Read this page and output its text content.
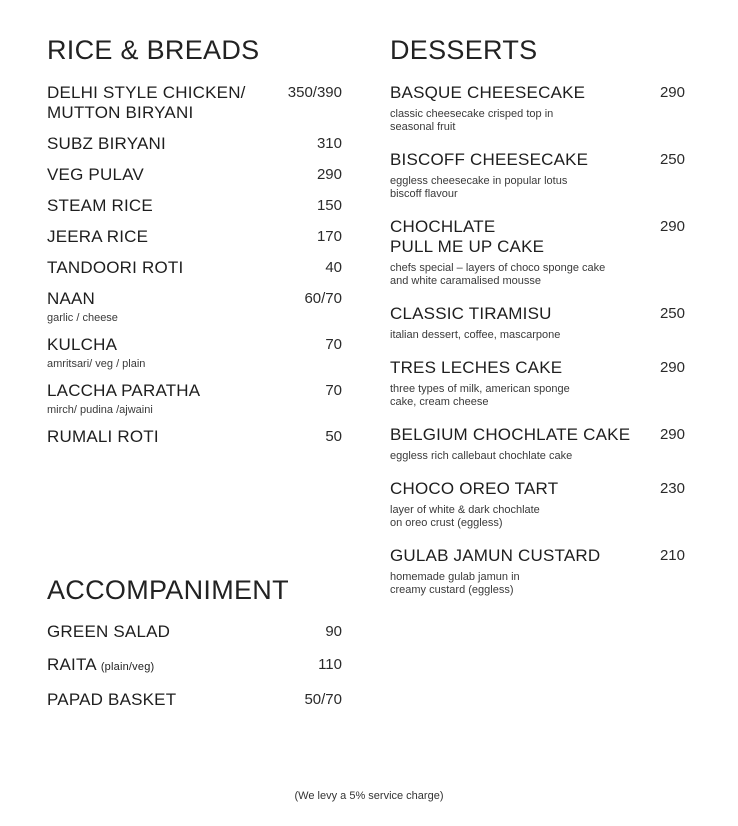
RICE & BREADS
DELHI STYLE CHICKEN/
MUTTON BIRYANI
350/390
SUBZ BIRYANI	310
VEG PULAV	290
STEAM RICE	150
JEERA RICE	170
TANDOORI ROTI	40
NAAN	60/70
garlic / cheese
KULCHA	70
amritsari/ veg / plain
LACCHA PARATHA	70
mirch/ pudina /ajwaini
RUMALI ROTI	50
ACCOMPANIMENT
GREEN SALAD	90
RAITA (plain/veg)	110
PAPAD BASKET	50/70
DESSERTS
BASQUE CHEESECAKE	290
classic cheesecake crisped top in
seasonal fruit
BISCOFF CHEESECAKE	250
eggless cheesecake in popular lotus
biscoff flavour
CHOCHLATE
PULL ME UP CAKE
290
chefs special – layers of choco sponge cake
and white caramalised mousse
CLASSIC TIRAMISU	250
italian dessert, coffee, mascarpone
TRES LECHES CAKE	290
three types of milk, american sponge
cake, cream cheese
BELGIUM CHOCHLATE CAKE	290
eggless rich callebaut chochlate cake
CHOCO OREO TART	230
layer of white & dark chochlate
on oreo crust (eggless)
GULAB JAMUN CUSTARD	210
homemade gulab jamun in
creamy custard (eggless)
(We levy a 5% service charge)
